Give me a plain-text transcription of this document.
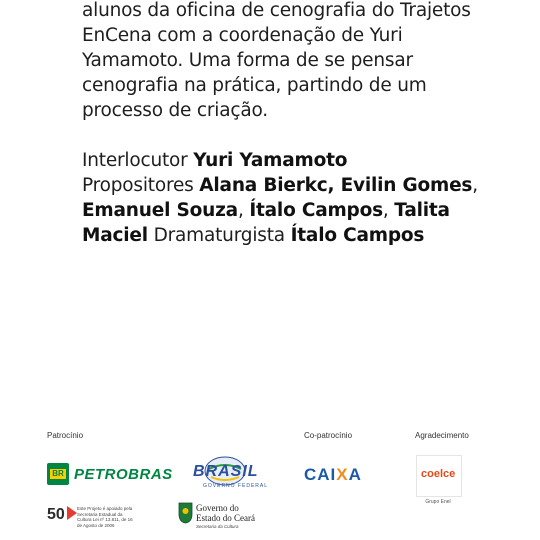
alunos da oficina de cenografia do Trajetos EnCena com a coordenação de Yuri Yamamoto. Uma forma de se pensar cenografia na prática, partindo de um processo de criação.

Interlocutor Yuri Yamamoto
Propositores Alana Bierkc, Evilin Gomes, Emanuel Souza, Ítalo Campos, Talita Maciel Dramaturgista Ítalo Campos

Patrocínio	Co-patrocínio	Agradecimento
BR PETROBRAS BRASIL
GOVERNO FEDERAL
CAIXA	coelce
Grupo Enel
50	Este Projeto é apoiado pela Secretaria Estadual da Cultura Lei nº 13.811, de 16 de Agosto de 2006
Governo do
Estado do Ceará
Secretaria da Cultura
